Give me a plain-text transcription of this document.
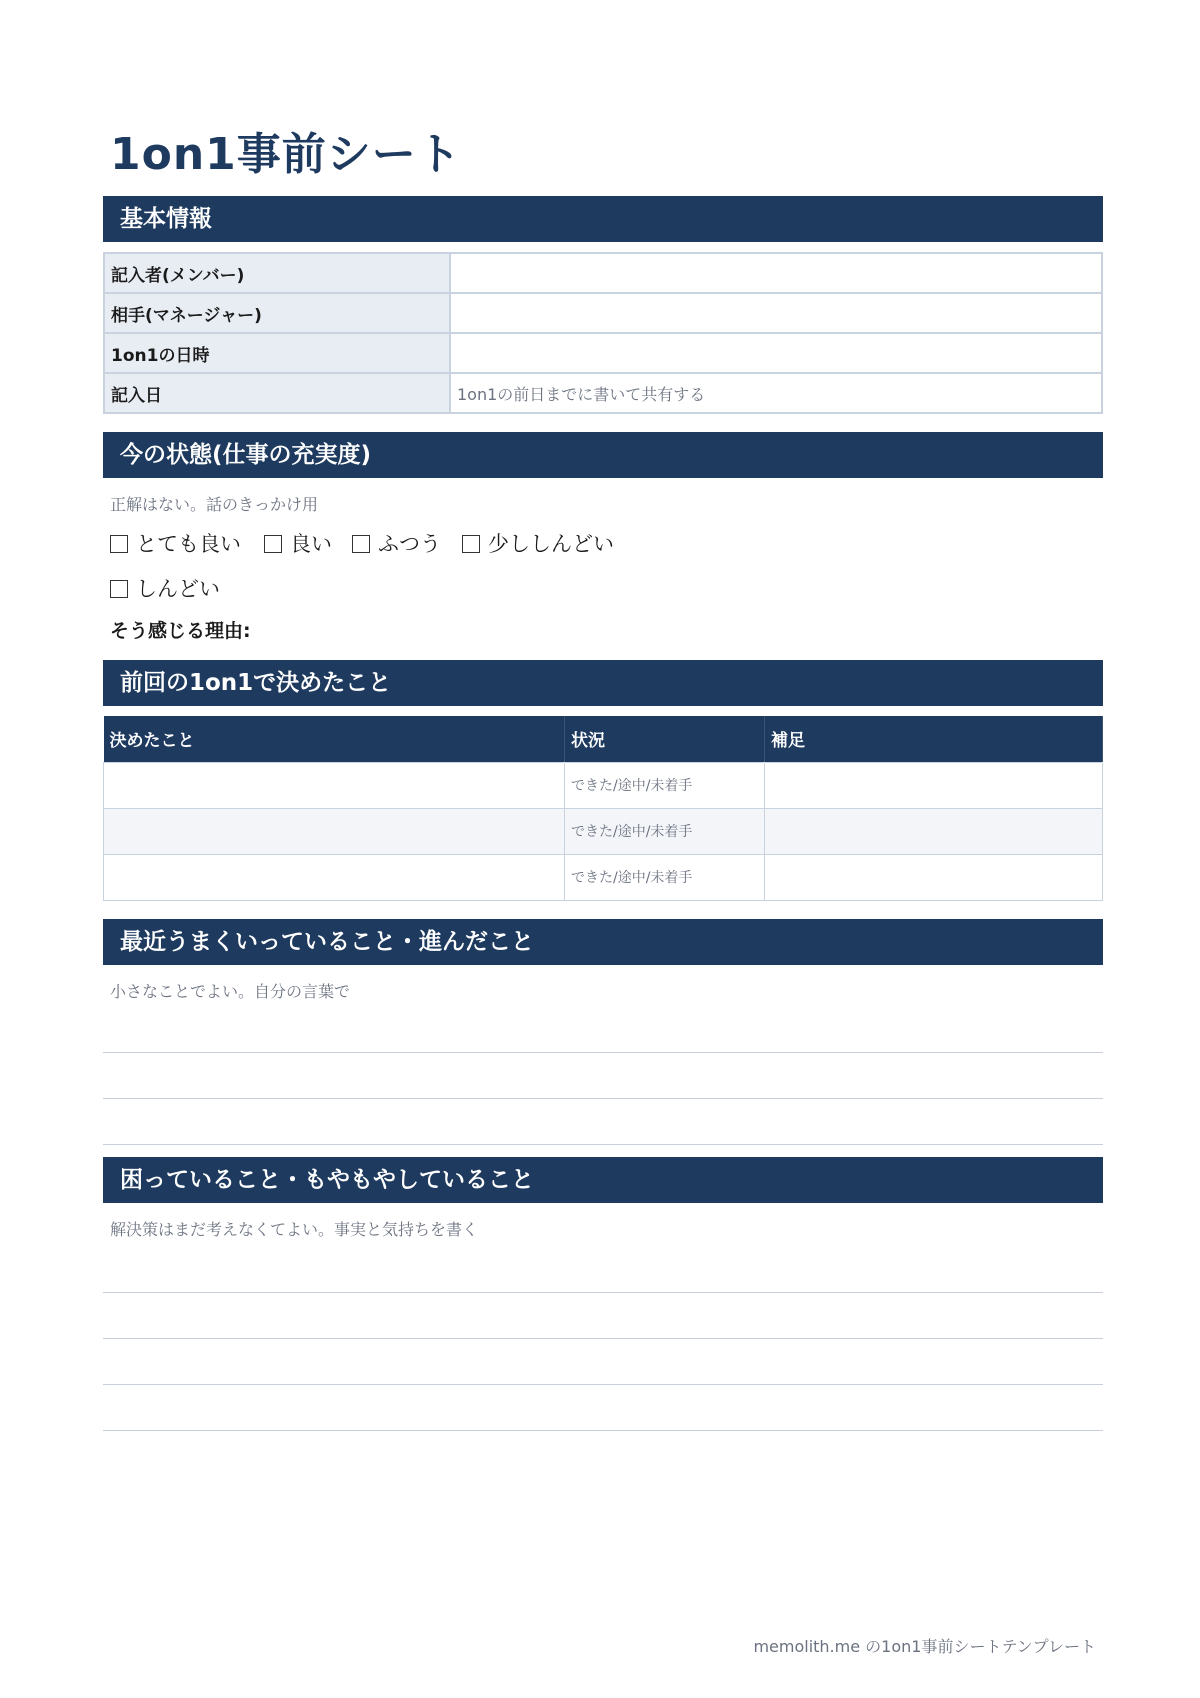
1on1事前シート
基本情報
記入者(メンバー)	
相手(マネージャー)	
1on1の日時	
記入日	1on1の前日までに書いて共有する
今の状態(仕事の充実度)
正解はない。話のきっかけ用
とても良い	良い	ふつう	少ししんどい
しんどい
そう感じる理由:
前回の1on1で決めたこと
決めたこと	状況	補足
	できた/途中/未着手	
	できた/途中/未着手	
	できた/途中/未着手	
最近うまくいっていること・進んだこと
小さなことでよい。自分の言葉で
困っていること・もやもやしていること
解決策はまだ考えなくてよい。事実と気持ちを書く
memolith.me の1on1事前シートテンプレート
